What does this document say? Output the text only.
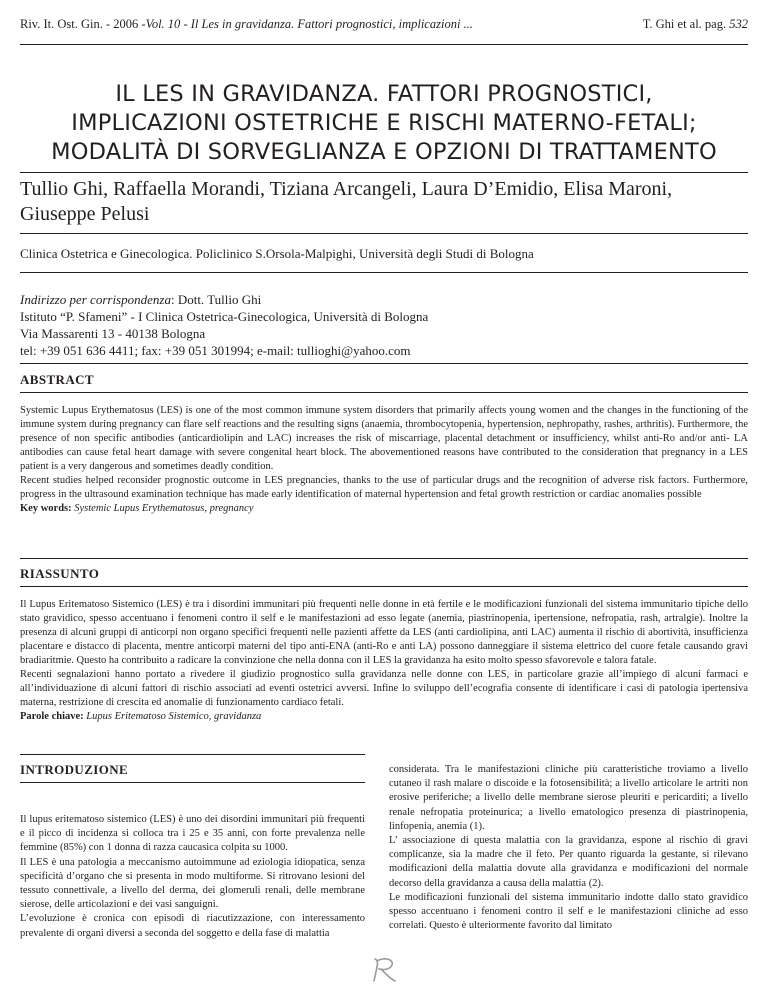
Riv. It. Ost. Gin. - 2006 -Vol. 10 - Il Les in gravidanza. Fattori prognostici, implicazioni ...	T. Ghi et al. pag. 532
IL LES IN GRAVIDANZA. FATTORI PROGNOSTICI,
IMPLICAZIONI OSTETRICHE E RISCHI MATERNO-FETALI;
MODALITÀ DI SORVEGLIANZA E OPZIONI DI TRATTAMENTO
Tullio Ghi, Raffaella Morandi, Tiziana Arcangeli, Laura D’Emidio, Elisa Maroni, Giuseppe Pelusi
Clinica Ostetrica e Ginecologica. Policlinico S.Orsola-Malpighi, Università degli Studi di Bologna
Indirizzo per corrispondenza: Dott. Tullio Ghi
Istituto “P. Sfameni” - I Clinica Ostetrica-Ginecologica, Università di Bologna
Via Massarenti 13 - 40138 Bologna
tel: +39 051 636 4411; fax: +39 051 301994; e-mail: tullioghi@yahoo.com
ABSTRACT

Systemic Lupus Erythematosus (LES) is one of the most common immune system disorders that primarily affects young women and the changes in the functioning of the immune system during pregnancy can flare self reactions and the resulting signs (anaemia, thrombocytopenia, hypertension, nephropathy, rashes, arthritis). Furthermore, the presence of non specific antibodies (anticardiolipin and LAC) increases the risk of miscarriage, placental detachment or insufficiency, whilst anti-Ro and/or anti- LA antibodies can cause fetal heart damage with severe congenital heart block. The abovementioned reasons have contributed to the consideration that pregnancy in a LES patient is a very dangerous and sometimes deadly condition.

Recent studies helped reconsider prognostic outcome in LES pregnancies, thanks to the use of particular drugs and the recognition of adverse risk factors. Furthermore, progress in the ultrasound examination technique has made early identification of maternal hypertension and fetal growth restriction or cardiac anomalies possible

Key words: Systemic Lupus Erythematosus, pregnancy

RIASSUNTO

Il Lupus Eritematoso Sistemico (LES) è tra i disordini immunitari più frequenti nelle donne in età fertile e le modificazioni funzionali del sistema immunitario tipiche dello stato gravidico, spesso accentuano i fenomeni contro il self e le manifestazioni ad esso legate (anemia, piastrinopenia, ipertensione, nefropatia, rash, artralgie). Inoltre la presenza di alcuni gruppi di anticorpi non organo specifici frequenti nelle pazienti affette da LES (anti cardiolipina, anti LAC) aumenta il rischio di abortività, insufficienza placentare e distacco di placenta, mentre anticorpi materni del tipo anti-ENA (anti-Ro e anti LA) possono danneggiare il sistema elettrico del cuore fetale causando gravi bradiaritmie. Questo ha contribuito a radicare la convinzione che nella donna con il LES la gravidanza ha esito molto spesso sfavorevole e talora fatale.

Recenti segnalazioni hanno portato a rivedere il giudizio prognostico sulla gravidanza nelle donne con LES, in particolare grazie all’impiego di alcuni farmaci e all’individuazione di alcuni fattori di rischio associati ad eventi ostetrici avversi. Infine lo sviluppo dell’ecografia consente di identificare i casi di patologia ipertensiva materna, restrizione di crescita ed anomalie di funzionamento cardiaco fetali.

Parole chiave: Lupus Eritematoso Sistemico, gravidanza

INTRODUZIONE

Il lupus eritematoso sistemico (LES) è uno dei disordini immunitari più frequenti e il picco di incidenza si colloca tra i 25 e 35 anni, con forte prevalenza nelle femmine (85%) con 1 donna di razza caucasica colpita su 1000.

Il LES è una patologia a meccanismo autoimmune ad eziologia idiopatica, senza specificità d’organo che si presenta in modo multiforme. Si ritrovano lesioni del tessuto connettivale, a livello del derma, dei glomeruli renali, delle membrane sierose, delle articolazioni e dei vasi sanguigni.

L’evoluzione è cronica con episodi di riacutizzazione, con interessamento prevalente di organi diversi a seconda del soggetto e della fase di malattia

considerata. Tra le manifestazioni cliniche più caratteristiche troviamo a livello cutaneo il rash malare o discoide e la fotosensibilità; a livello articolare le artriti non erosive periferiche; a livello delle membrane sierose pleuriti e pericarditi; a livello renale nefropatia proteinurica; a livello ematologico presenza di piastrinopenia, linfopenia, anemia (1).

L’ associazione di questa malattia con la gravidanza, espone al rischio di gravi complicanze, sia la madre che il feto. Per quanto riguarda la gestante, si rilevano modificazioni della malattia dovute alla gravidanza e modificazioni del normale decorso della gravidanza a causa della malattia (2).

Le modificazioni funzionali del sistema immunitario indotte dallo stato gravidico spesso accentuano i fenomeni contro il self e le manifestazioni cliniche ad esso correlati. Questo è ulteriormente favorito dal limitato
